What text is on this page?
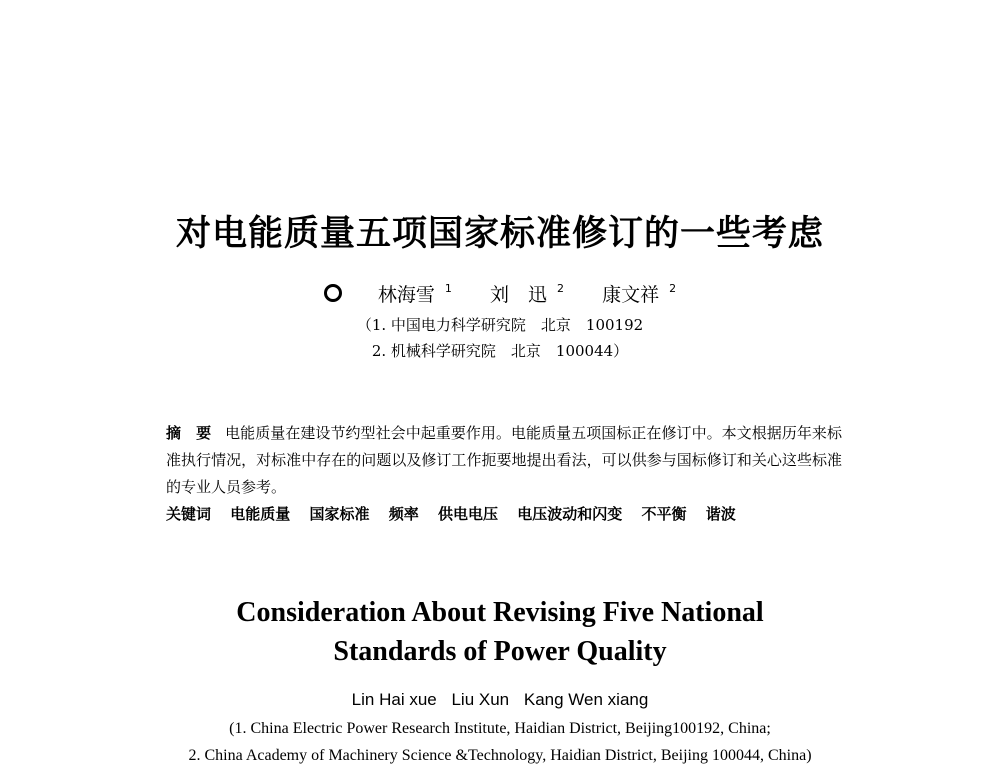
对电能质量五项国家标准修订的一些考虑
林海雪 $^1$ 刘　迅 $^2$ 康文祥 $^2$
（1. 中国电力科学研究院　北京　100192
2. 机械科学研究院　北京　100044）
摘　要 电能质量在建设节约型社会中起重要作用。电能质量五项国标正在修订中。本文根据历年来标准执行情况，对标准中存在的问题以及修订工作扼要地提出看法，可以供参与国标修订和关心这些标准的专业人员参考。
关键词 电能质量 国家标准 频率 供电电压 电压波动和闪变 不平衡 谐波
Consideration About Revising Five National
Standards of Power Quality
Lin Hai xue Liu Xun Kang Wen xiang
(1. China Electric Power Research Institute, Haidian District, Beijing100192, China;
2. China Academy of Machinery Science &Technology, Haidian District, Beijing 100044, China)
